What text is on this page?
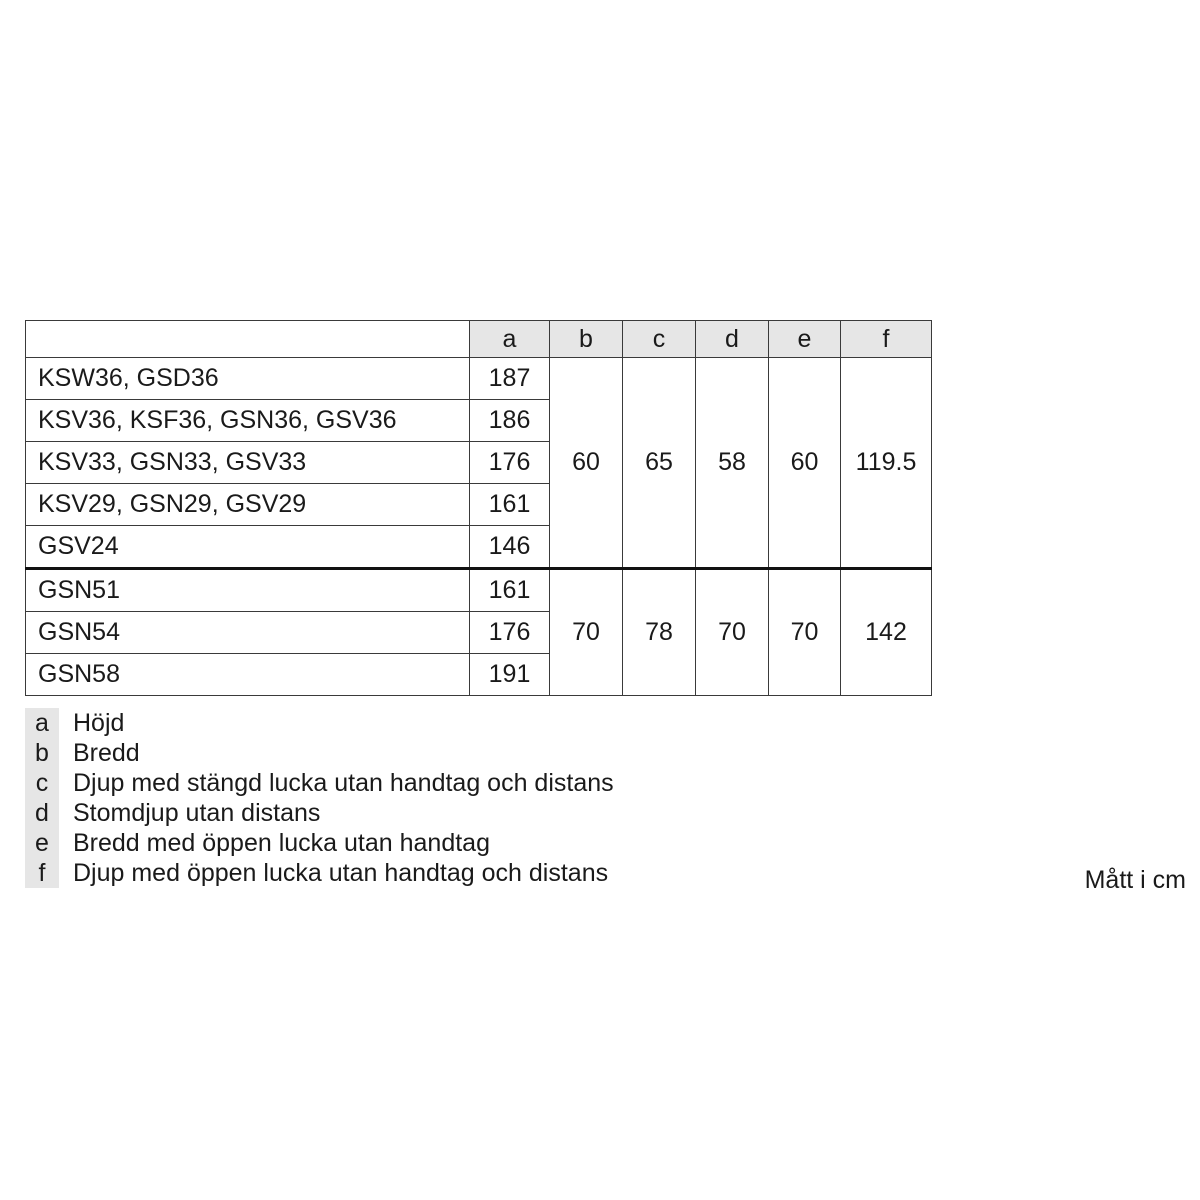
	a	b	c	d	e	f
KSW36, GSD36	187	60	65	58	60	119.5
KSV36, KSF36, GSN36, GSV36	186					
KSV33, GSN33, GSV33	176					
KSV29, GSN29, GSV29	161					
GSV24	146					
GSN51	161	70	78	70	70	142
GSN54	176					
GSN58	191					
a Höjd
b Bredd
c Djup med stängd lucka utan handtag och distans
d Stomdjup utan distans
e Bredd med öppen lucka utan handtag
f	Djup med öppen lucka utan handtag och distans	Mått i cm
